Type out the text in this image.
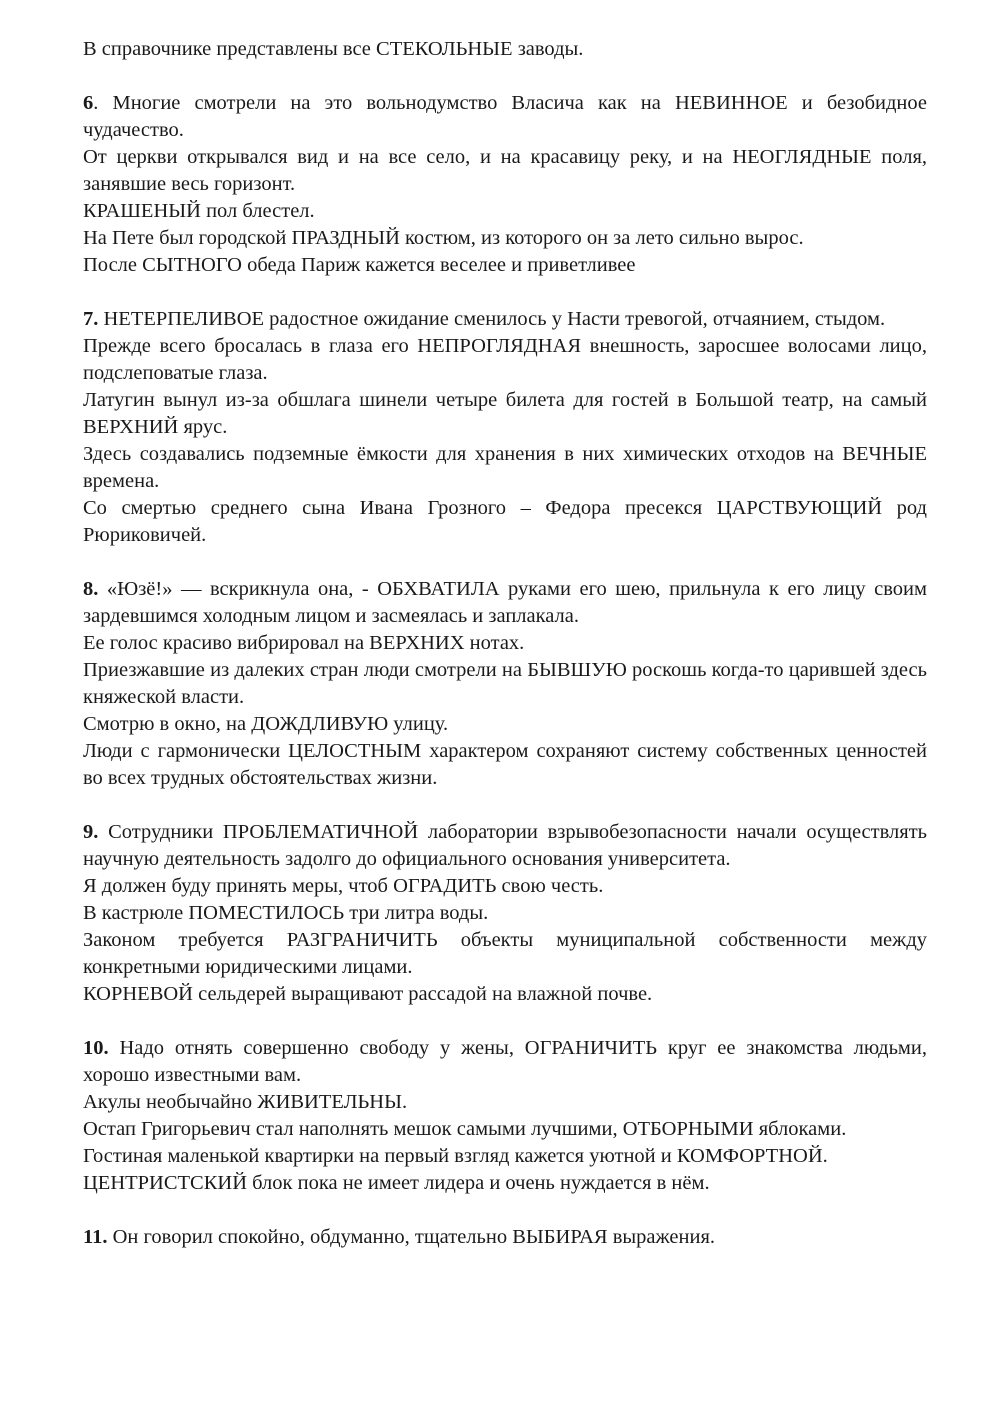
В справочнике представлены все СТЕКОЛЬНЫЕ заводы.

6. Многие смотрели на это вольнодумство Власича как на НЕВИННОЕ и безобидное чудачество.

От церкви открывался вид и на все село, и на красавицу реку, и на НЕОГЛЯДНЫЕ поля, занявшие весь горизонт.

КРАШЕНЫЙ пол блестел.

На Пете был городской ПРАЗДНЫЙ костюм, из которого он за лето сильно вырос.

После СЫТНОГО обеда Париж кажется веселее и приветливее

7. НЕТЕРПЕЛИВОЕ радостное ожидание сменилось у Насти тревогой, отчаянием, стыдом.

Прежде всего бросалась в глаза его НЕПРОГЛЯДНАЯ внешность, заросшее волосами лицо, подслеповатые глаза.

Латугин вынул из-за обшлага шинели четыре билета для гостей в Большой театр, на самый ВЕРХНИЙ ярус.

Здесь создавались подземные ёмкости для хранения в них химических отходов на ВЕЧНЫЕ времена.

Со смертью среднего сына Ивана Грозного – Федора пресекся ЦАРСТВУЮЩИЙ род Рюриковичей.

8. «Юзё!» — вскрикнула она, - ОБХВАТИЛА руками его шею, прильнула к его лицу своим зардевшимся холодным лицом и засмеялась и заплакала.

Ее голос красиво вибрировал на ВЕРХНИХ нотах.

Приезжавшие из далеких стран люди смотрели на БЫВШУЮ роскошь когда-то царившей здесь княжеской власти.

Смотрю в окно, на ДОЖДЛИВУЮ улицу.

Люди с гармонически ЦЕЛОСТНЫМ характером сохраняют систему собственных ценностей во всех трудных обстоятельствах жизни.

9. Сотрудники ПРОБЛЕМАТИЧНОЙ лаборатории взрывобезопасности начали осуществлять научную деятельность задолго до официального основания университета.

Я должен буду принять меры, чтоб ОГРАДИТЬ свою честь.

В кастрюле ПОМЕСТИЛОСЬ три литра воды.

Законом требуется РАЗГРАНИЧИТЬ объекты муниципальной собственности между конкретными юридическими лицами.

КОРНЕВОЙ сельдерей выращивают рассадой на влажной почве.

10. Надо отнять совершенно свободу у жены, ОГРАНИЧИТЬ круг ее знакомства людьми, хорошо известными вам.

Акулы необычайно ЖИВИТЕЛЬНЫ.

Остап Григорьевич стал наполнять мешок самыми лучшими, ОТБОРНЫМИ яблоками.

Гостиная маленькой квартирки на первый взгляд кажется уютной и КОМФОРТНОЙ.

ЦЕНТРИСТСКИЙ блок пока не имеет лидера и очень нуждается в нём.

11. Он говорил спокойно, обдуманно, тщательно ВЫБИРАЯ выражения.
